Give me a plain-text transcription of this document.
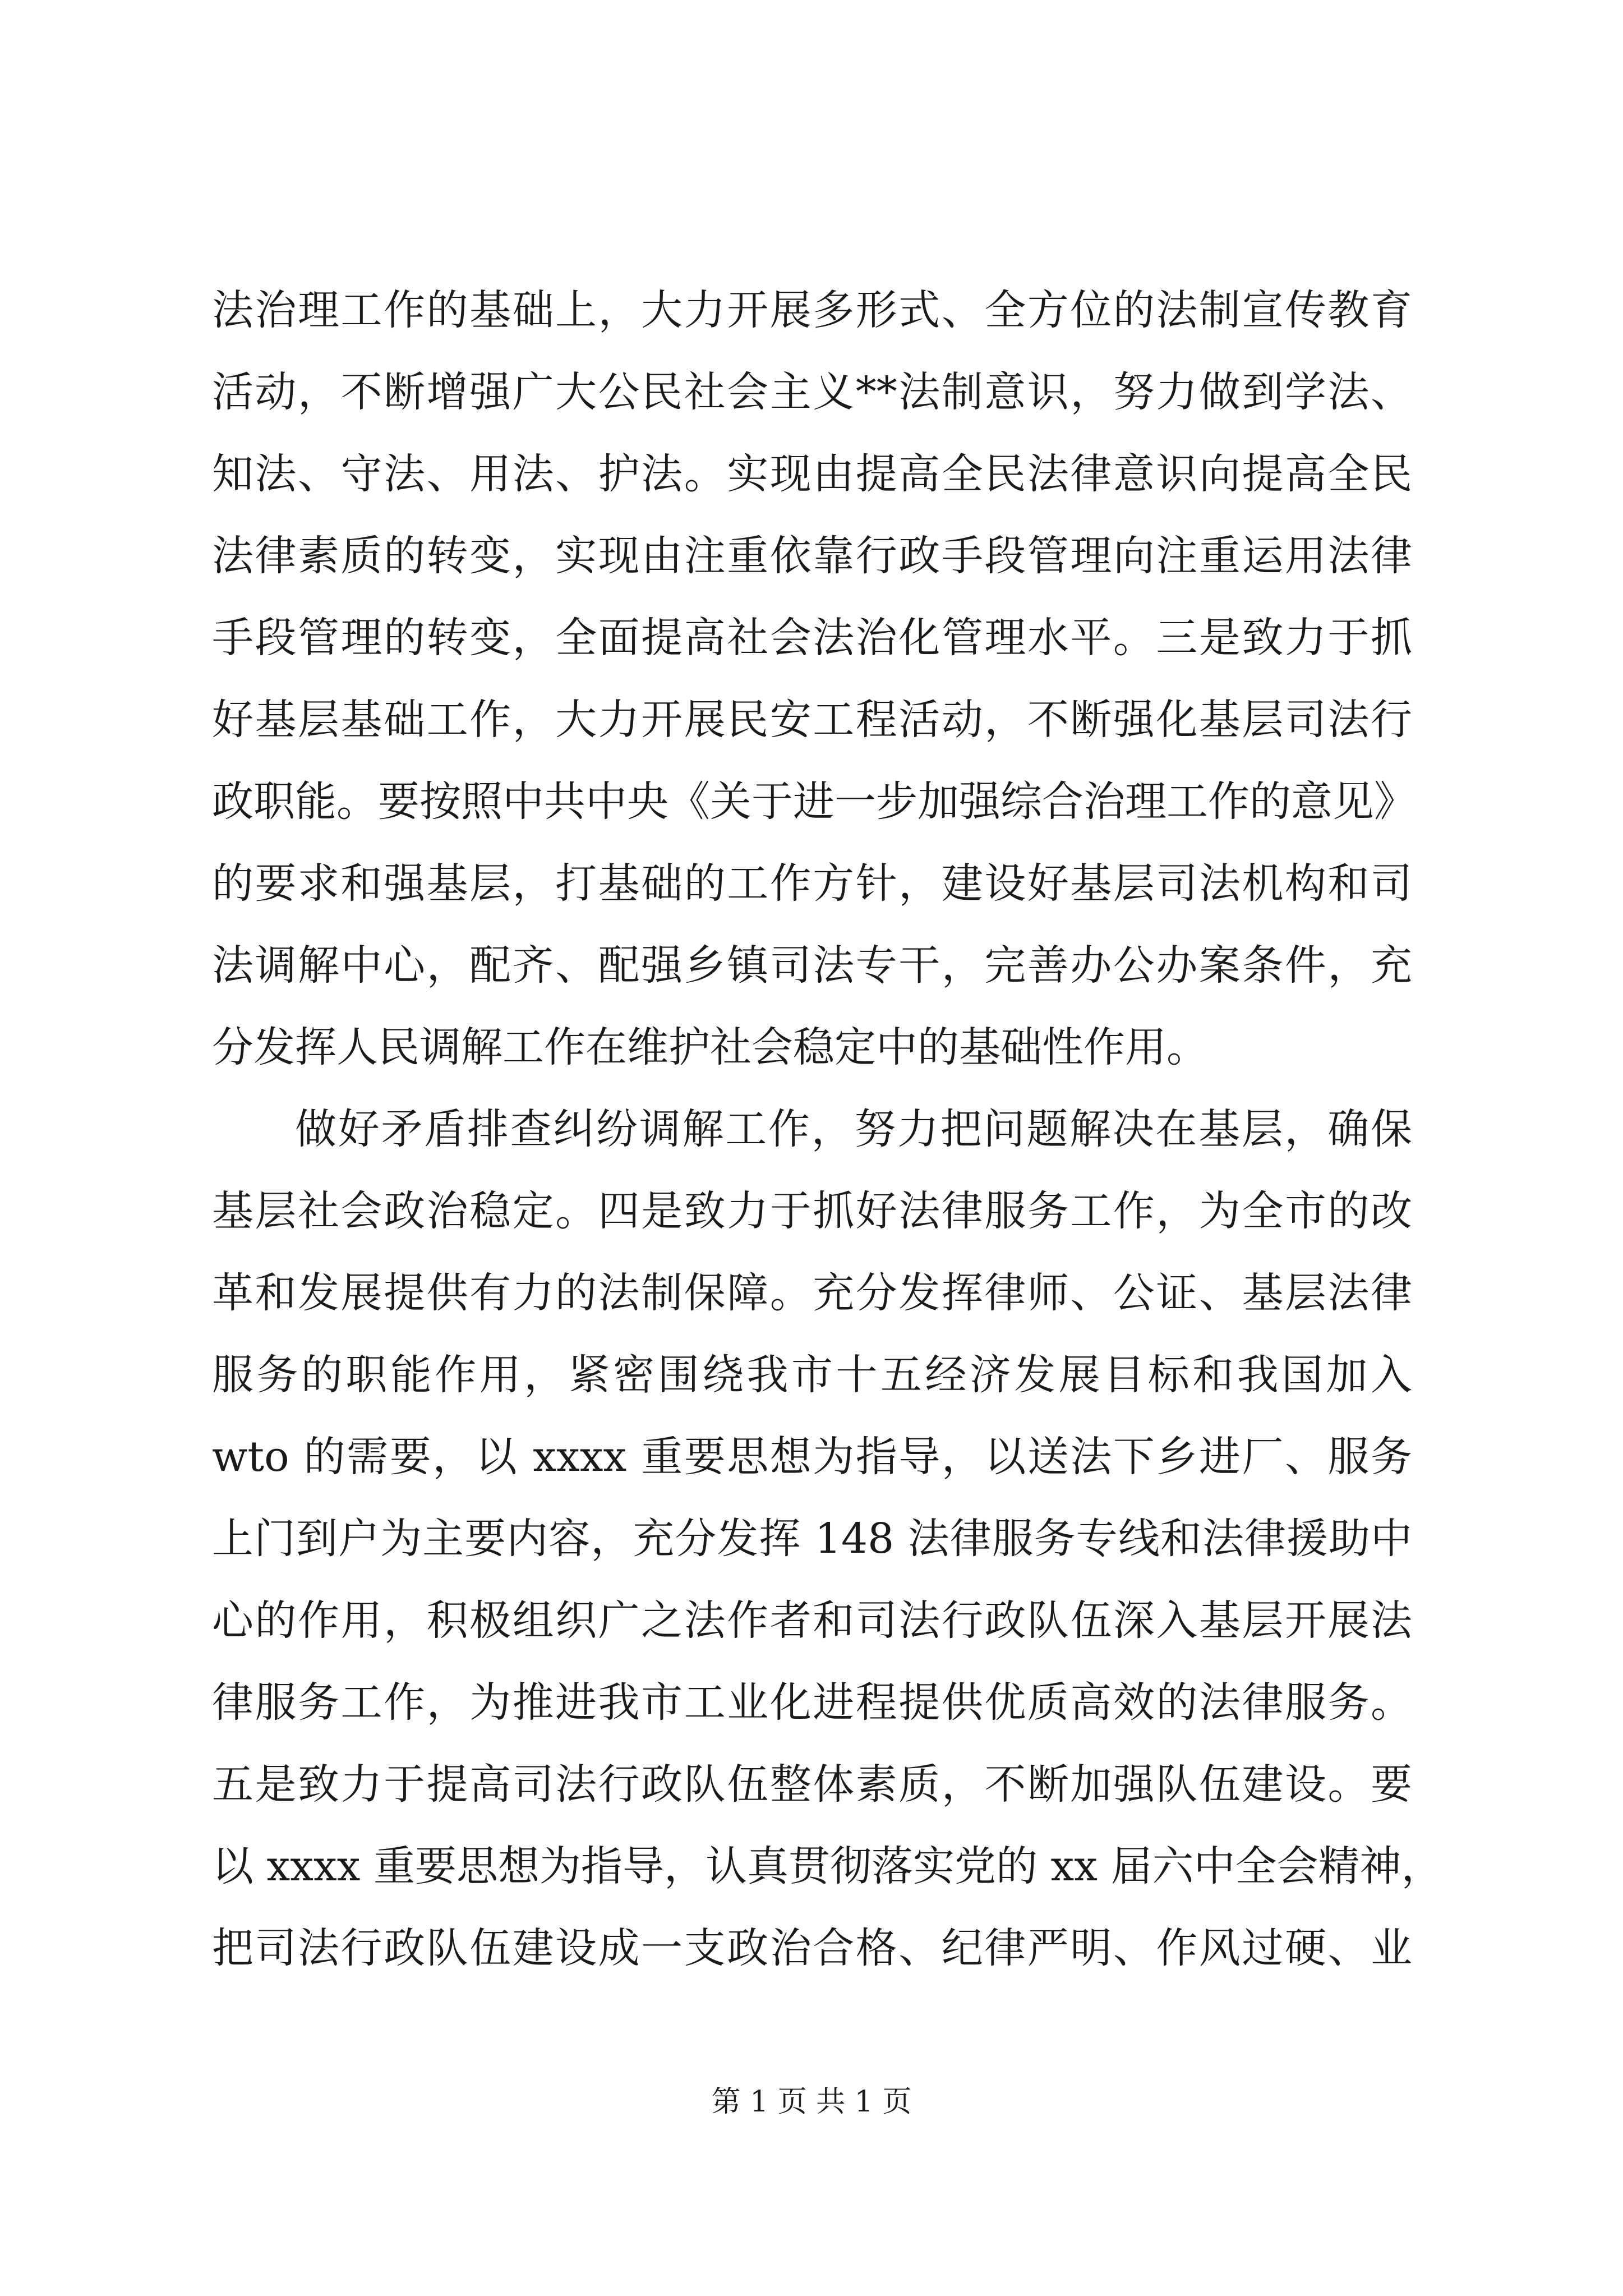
法治理工作的基础上，大力开展多形式、全方位的法制宣传教育
活动，不断增强广大公民社会主义**法制意识，努力做到学法、
知法、守法、用法、护法。实现由提高全民法律意识向提高全民
法律素质的转变，实现由注重依靠行政手段管理向注重运用法律
手段管理的转变，全面提高社会法治化管理水平。三是致力于抓
好基层基础工作，大力开展民安工程活动，不断强化基层司法行
政职能。要按照中共中央《关于进一步加强综合治理工作的意见》
的要求和强基层，打基础的工作方针，建设好基层司法机构和司
法调解中心，配齐、配强乡镇司法专干，完善办公办案条件，充
分发挥人民调解工作在维护社会稳定中的基础性作用。
做好矛盾排查纠纷调解工作，努力把问题解决在基层，确保
基层社会政治稳定。四是致力于抓好法律服务工作，为全市的改
革和发展提供有力的法制保障。充分发挥律师、公证、基层法律
服务的职能作用，紧密围绕我市十五经济发展目标和我国加入
wto 的需要，以 xxxx 重要思想为指导，以送法下乡进厂、服务
上门到户为主要内容，充分发挥 148 法律服务专线和法律援助中
心的作用，积极组织广之法作者和司法行政队伍深入基层开展法
律服务工作，为推进我市工业化进程提供优质高效的法律服务。
五是致力于提高司法行政队伍整体素质，不断加强队伍建设。要
以 xxxx 重要思想为指导，认真贯彻落实党的 xx 届六中全会精神，
把司法行政队伍建设成一支政治合格、纪律严明、作风过硬、业
第 1 页 共 1 页
